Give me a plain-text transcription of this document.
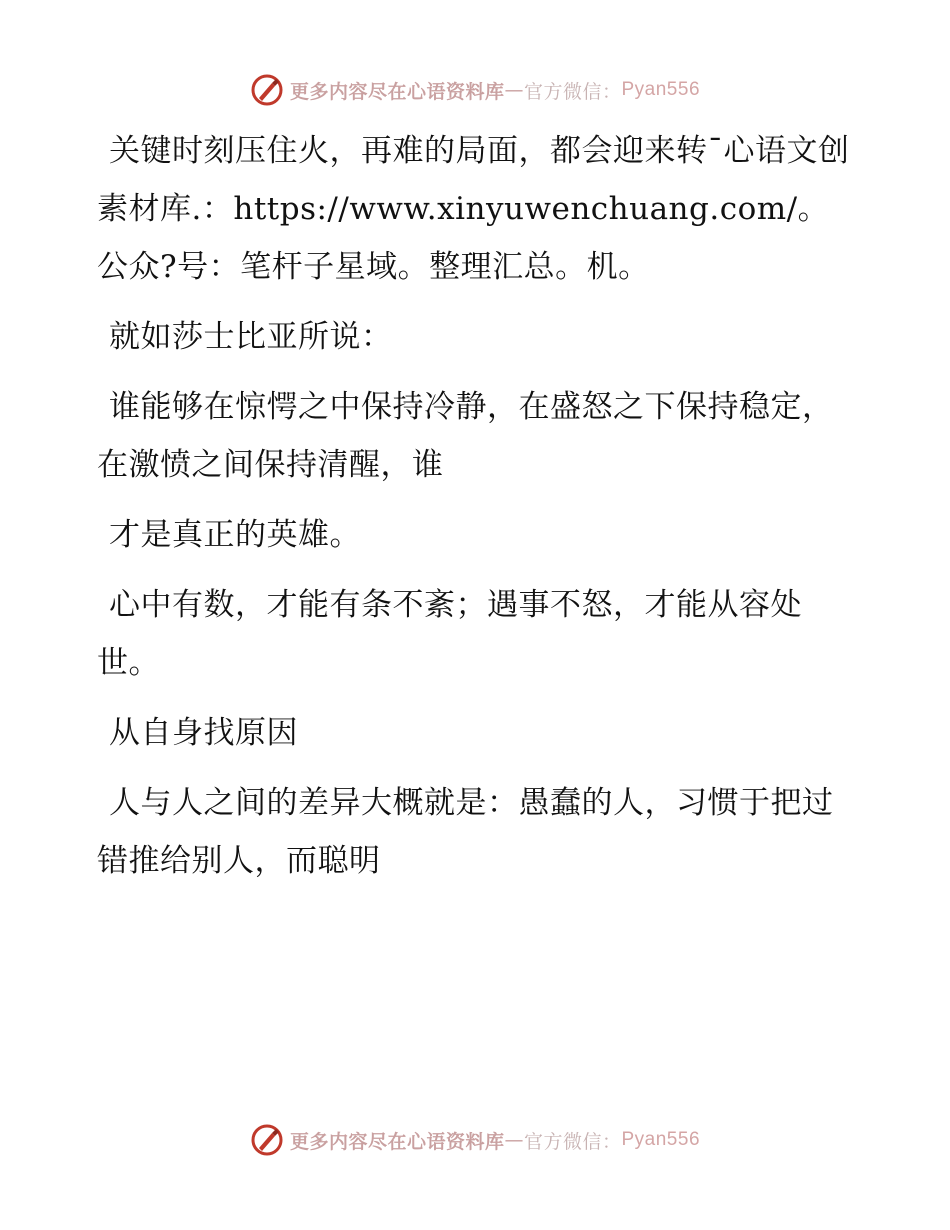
更多内容尽在心语资料库 — 官方微信： Pyan556

关键时刻压住火，再难的局面，都会迎来转¯心语文创素材库.：https://www.xinyuwenchuang.com/。公众?号：笔杆子星域。整理汇总。机。

就如莎士比亚所说：

谁能够在惊愕之中保持冷静，在盛怒之下保持稳定，在激愤之间保持清醒，谁

才是真正的英雄。

心中有数，才能有条不紊；遇事不怒，才能从容处世。

从自身找原因

人与人之间的差异大概就是：愚蠢的人，习惯于把过错推给别人，而聪明

更多内容尽在心语资料库 — 官方微信： Pyan556
